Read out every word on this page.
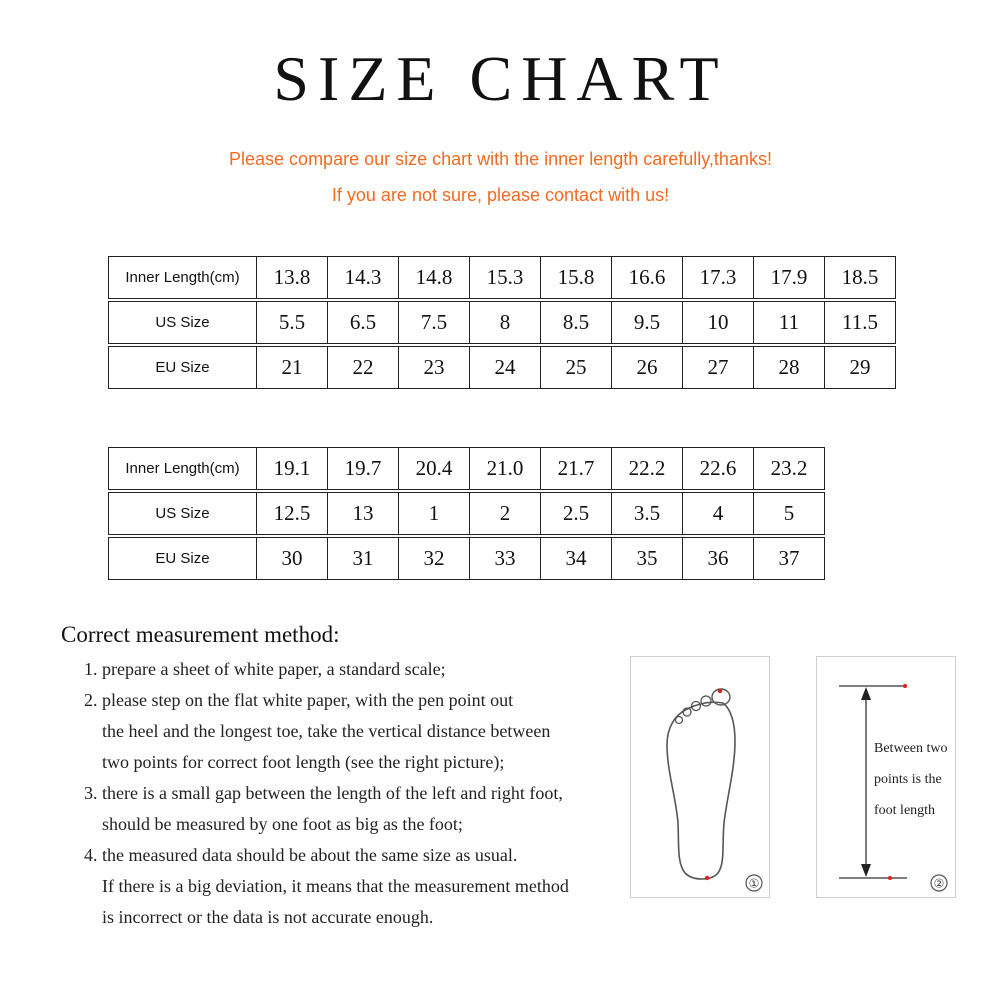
SIZE CHART
Please compare our size chart with the inner length carefully,thanks!
If you are not sure, please contact with us!
Inner Length(cm)	13.8	14.3	14.8	15.3	15.8	16.6	17.3	17.9	18.5
US Size	5.5	6.5	7.5	8	8.5	9.5	10	11	11.5
EU Size	21	22	23	24	25	26	27	28	29
Inner Length(cm)	19.1	19.7	20.4	21.0	21.7	22.2	22.6	23.2
US Size	12.5	13	1	2	2.5	3.5	4	5
EU Size	30	31	32	33	34	35	36	37
Correct measurement method:
1. prepare a sheet of white paper, a standard scale;
2. please step on the flat white paper, with the pen point out
the heel and the longest toe, take the vertical distance between
two points for correct foot length (see the right picture);
3. there is a small gap between the length of the left and right foot,
should be measured by one foot as big as the foot;
4. the measured data should be about the same size as usual.
If there is a big deviation, it means that the measurement method
is incorrect or the data is not accurate enough.
①	②
Between two
points is the
foot length
